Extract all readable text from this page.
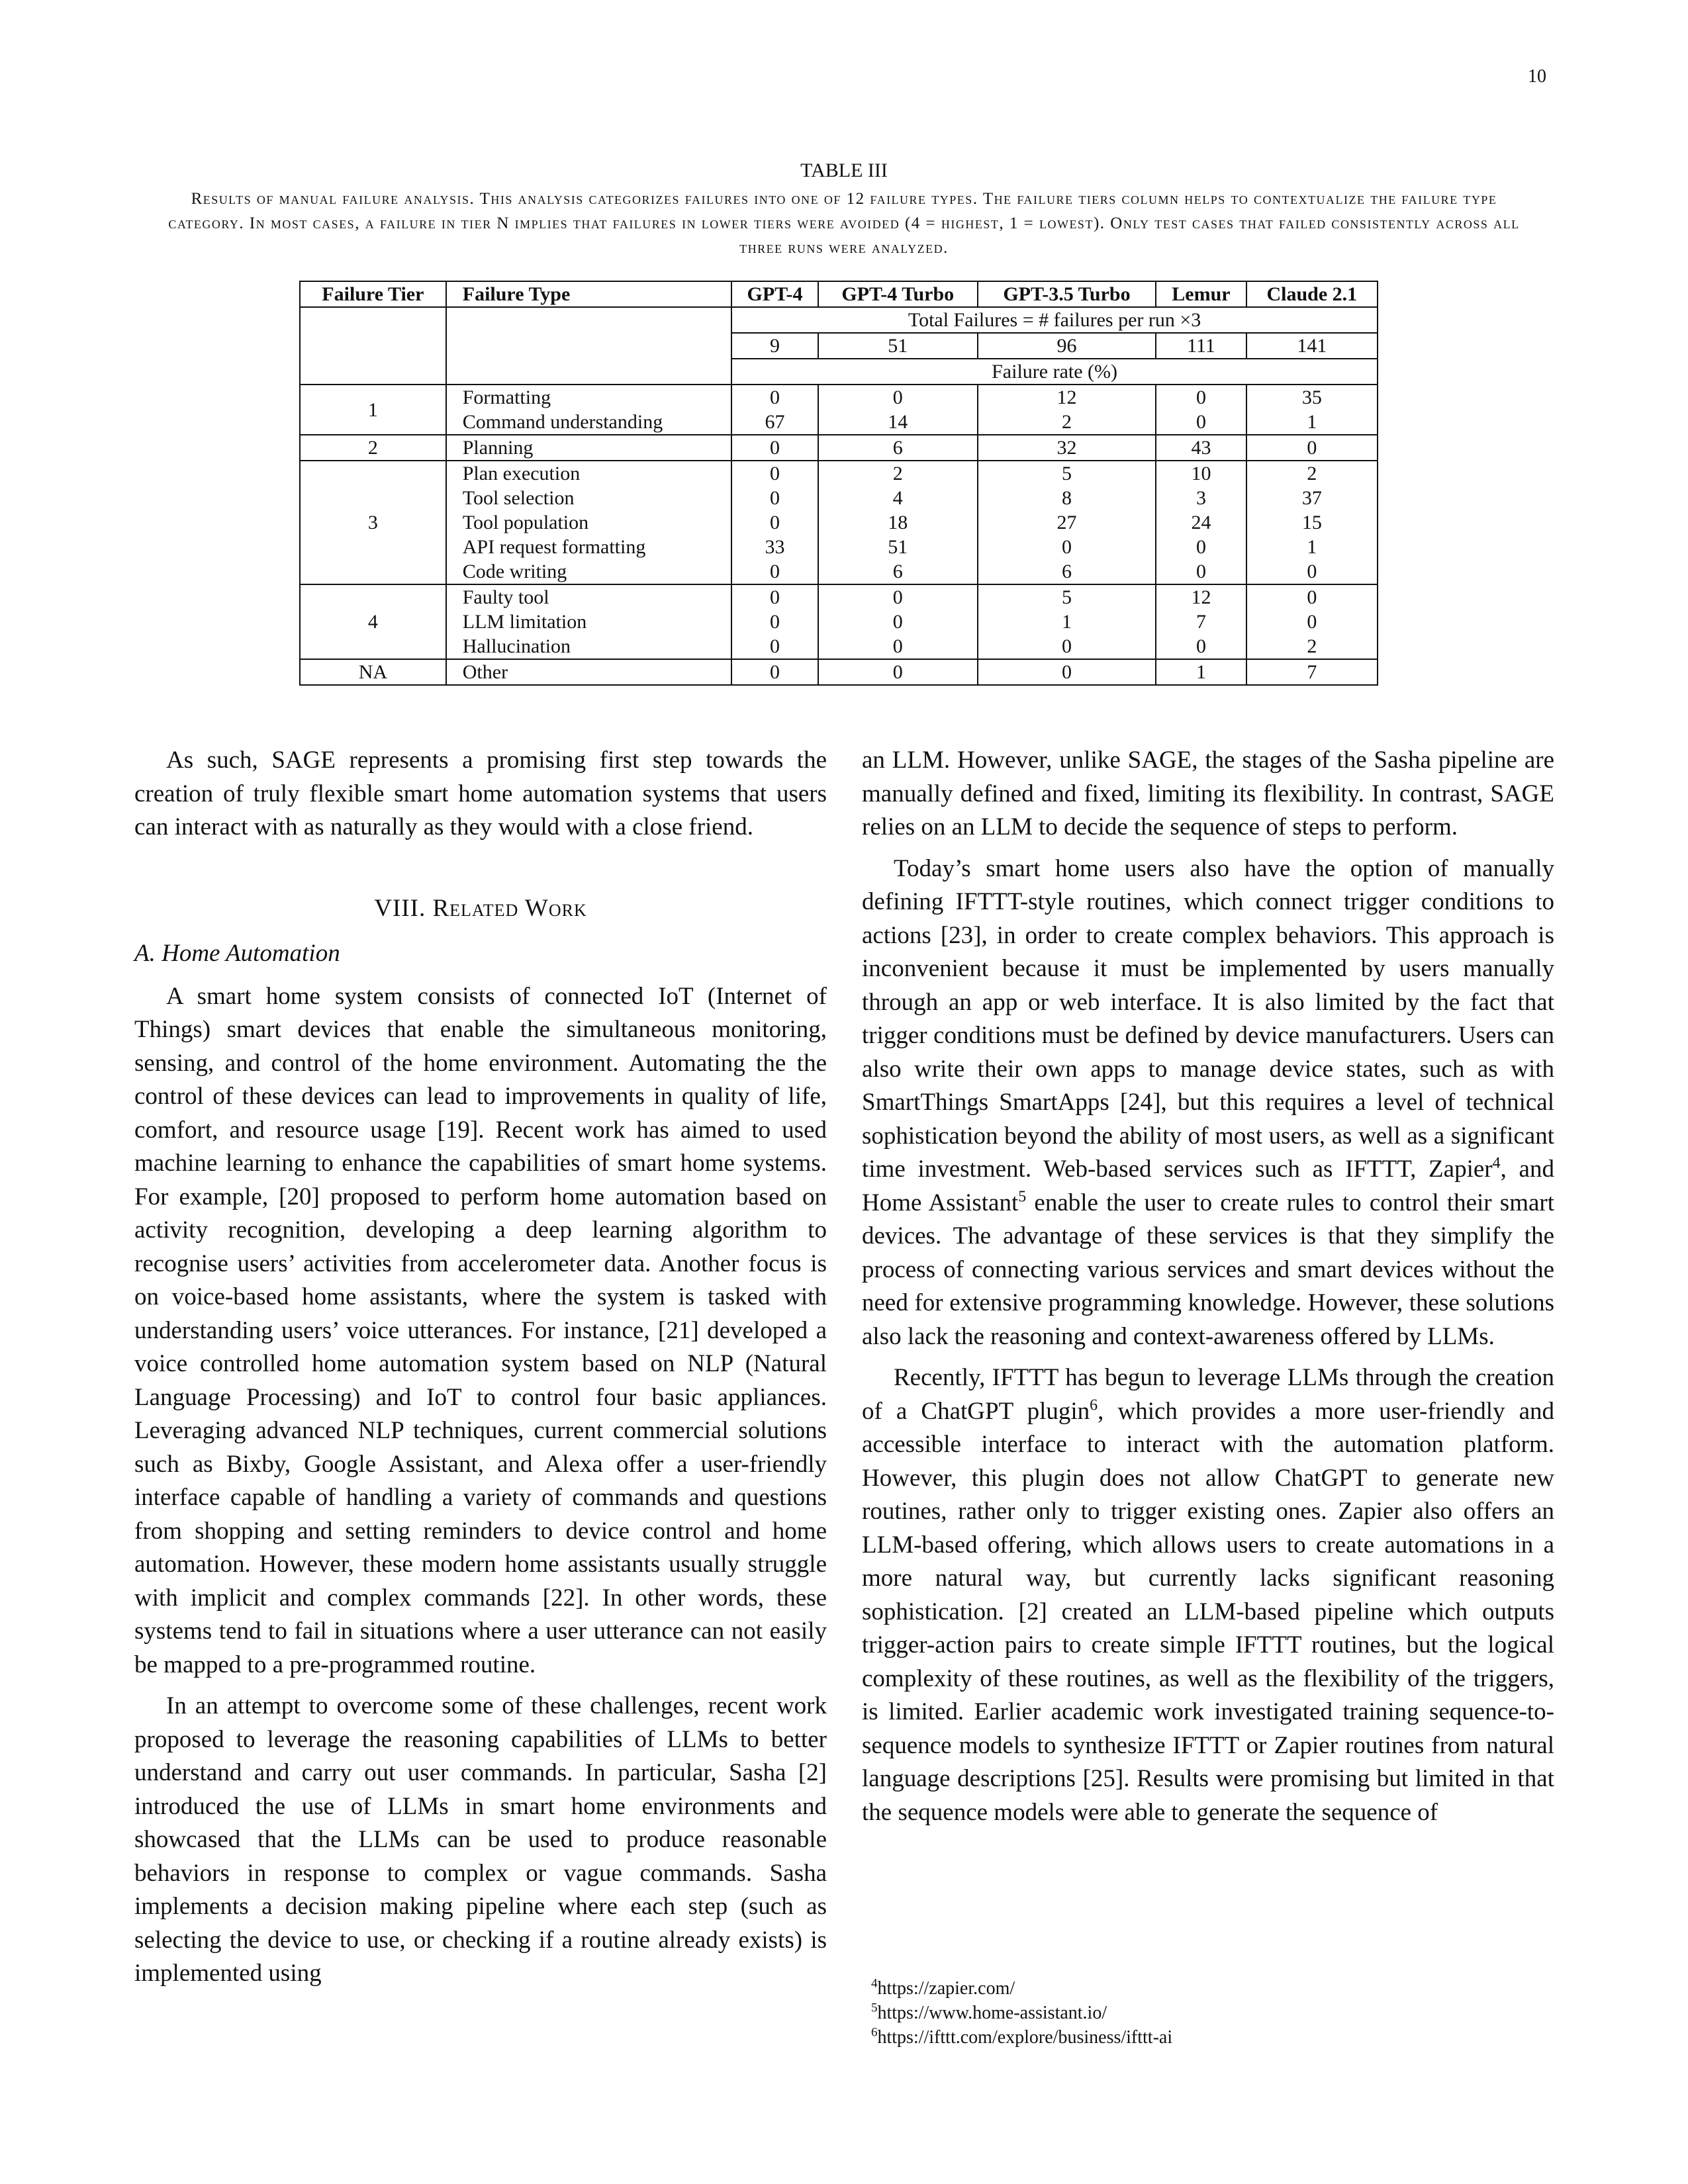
10
TABLE III
Results of manual failure analysis. This analysis categorizes failures into one of 12 failure types. The failure tiers column helps to contextualize the failure type category. In most cases, a failure in tier N implies that failures in lower tiers were avoided (4 = highest, 1 = lowest). Only test cases that failed consistently across all three runs were analyzed.
Failure Tier	Failure Type	GPT-4	GPT-4 Turbo	GPT-3.5 Turbo	Lemur	Claude 2.1
		Total Failures = # failures per run ×3				
		9	51	96	111	141
		Failure rate (%)				
1	Formatting	0	0	12	0	35
	Command understanding	67	14	2	0	1
2	Planning	0	6	32	43	0
3	Plan execution	0	2	5	10	2
	Tool selection	0	4	8	3	37
	Tool population	0	18	27	24	15
	API request formatting	33	51	0	0	1
	Code writing	0	6	6	0	0
4	Faulty tool	0	0	5	12	0
	LLM limitation	0	0	1	7	0
	Hallucination	0	0	0	0	2
NA	Other	0	0	0	1	7

As such, SAGE represents a promising first step towards the creation of truly flexible smart home automation systems that users can interact with as naturally as they would with a close friend.

VIII. Related Work
A. Home Automation

A smart home system consists of connected IoT (Internet of Things) smart devices that enable the simultaneous monitoring, sensing, and control of the home environment. Automating the the control of these devices can lead to improvements in quality of life, comfort, and resource usage [19]. Recent work has aimed to used machine learning to enhance the capabilities of smart home systems. For example, [20] proposed to perform home automation based on activity recognition, developing a deep learning algorithm to recognise users’ activities from accelerometer data. Another focus is on voice-based home assistants, where the system is tasked with understanding users’ voice utterances. For instance, [21] developed a voice controlled home automation system based on NLP (Natural Language Processing) and IoT to control four basic appliances. Leveraging advanced NLP techniques, current commercial solutions such as Bixby, Google Assistant, and Alexa offer a user-friendly interface capable of handling a variety of commands and questions from shopping and setting reminders to device control and home automation. However, these modern home assistants usually struggle with implicit and complex commands [22]. In other words, these systems tend to fail in situations where a user utterance can not easily be mapped to a pre-programmed routine.

In an attempt to overcome some of these challenges, recent work proposed to leverage the reasoning capabilities of LLMs to better understand and carry out user commands. In particular, Sasha [2] introduced the use of LLMs in smart home environments and showcased that the LLMs can be used to produce reasonable behaviors in response to complex or vague commands. Sasha implements a decision making pipeline where each step (such as selecting the device to use, or checking if a routine already exists) is implemented using

an LLM. However, unlike SAGE, the stages of the Sasha pipeline are manually defined and fixed, limiting its flexibility. In contrast, SAGE relies on an LLM to decide the sequence of steps to perform.

Today’s smart home users also have the option of manually defining IFTTT-style routines, which connect trigger conditions to actions [23], in order to create complex behaviors. This approach is inconvenient because it must be implemented by users manually through an app or web interface. It is also limited by the fact that trigger conditions must be defined by device manufacturers. Users can also write their own apps to manage device states, such as with SmartThings SmartApps [24], but this requires a level of technical sophistication beyond the ability of most users, as well as a significant time investment. Web-based services such as IFTTT, Zapier$^4$, and Home Assistant$^5$ enable the user to create rules to control their smart devices. The advantage of these services is that they simplify the process of connecting various services and smart devices without the need for extensive programming knowledge. However, these solutions also lack the reasoning and context-awareness offered by LLMs.

Recently, IFTTT has begun to leverage LLMs through the creation of a ChatGPT plugin$^6$, which provides a more user-friendly and accessible interface to interact with the automation platform. However, this plugin does not allow ChatGPT to generate new routines, rather only to trigger existing ones. Zapier also offers an LLM-based offering, which allows users to create automations in a more natural way, but currently lacks significant reasoning sophistication. [2] created an LLM-based pipeline which outputs trigger-action pairs to create simple IFTTT routines, but the logical complexity of these routines, as well as the flexibility of the triggers, is limited. Earlier academic work investigated training sequence-to-sequence models to synthesize IFTTT or Zapier routines from natural language descriptions [25]. Results were promising but limited in that the sequence models were able to generate the sequence of

$^4$https://zapier.com/
$^5$https://www.home-assistant.io/
$^6$https://ifttt.com/explore/business/ifttt-ai
